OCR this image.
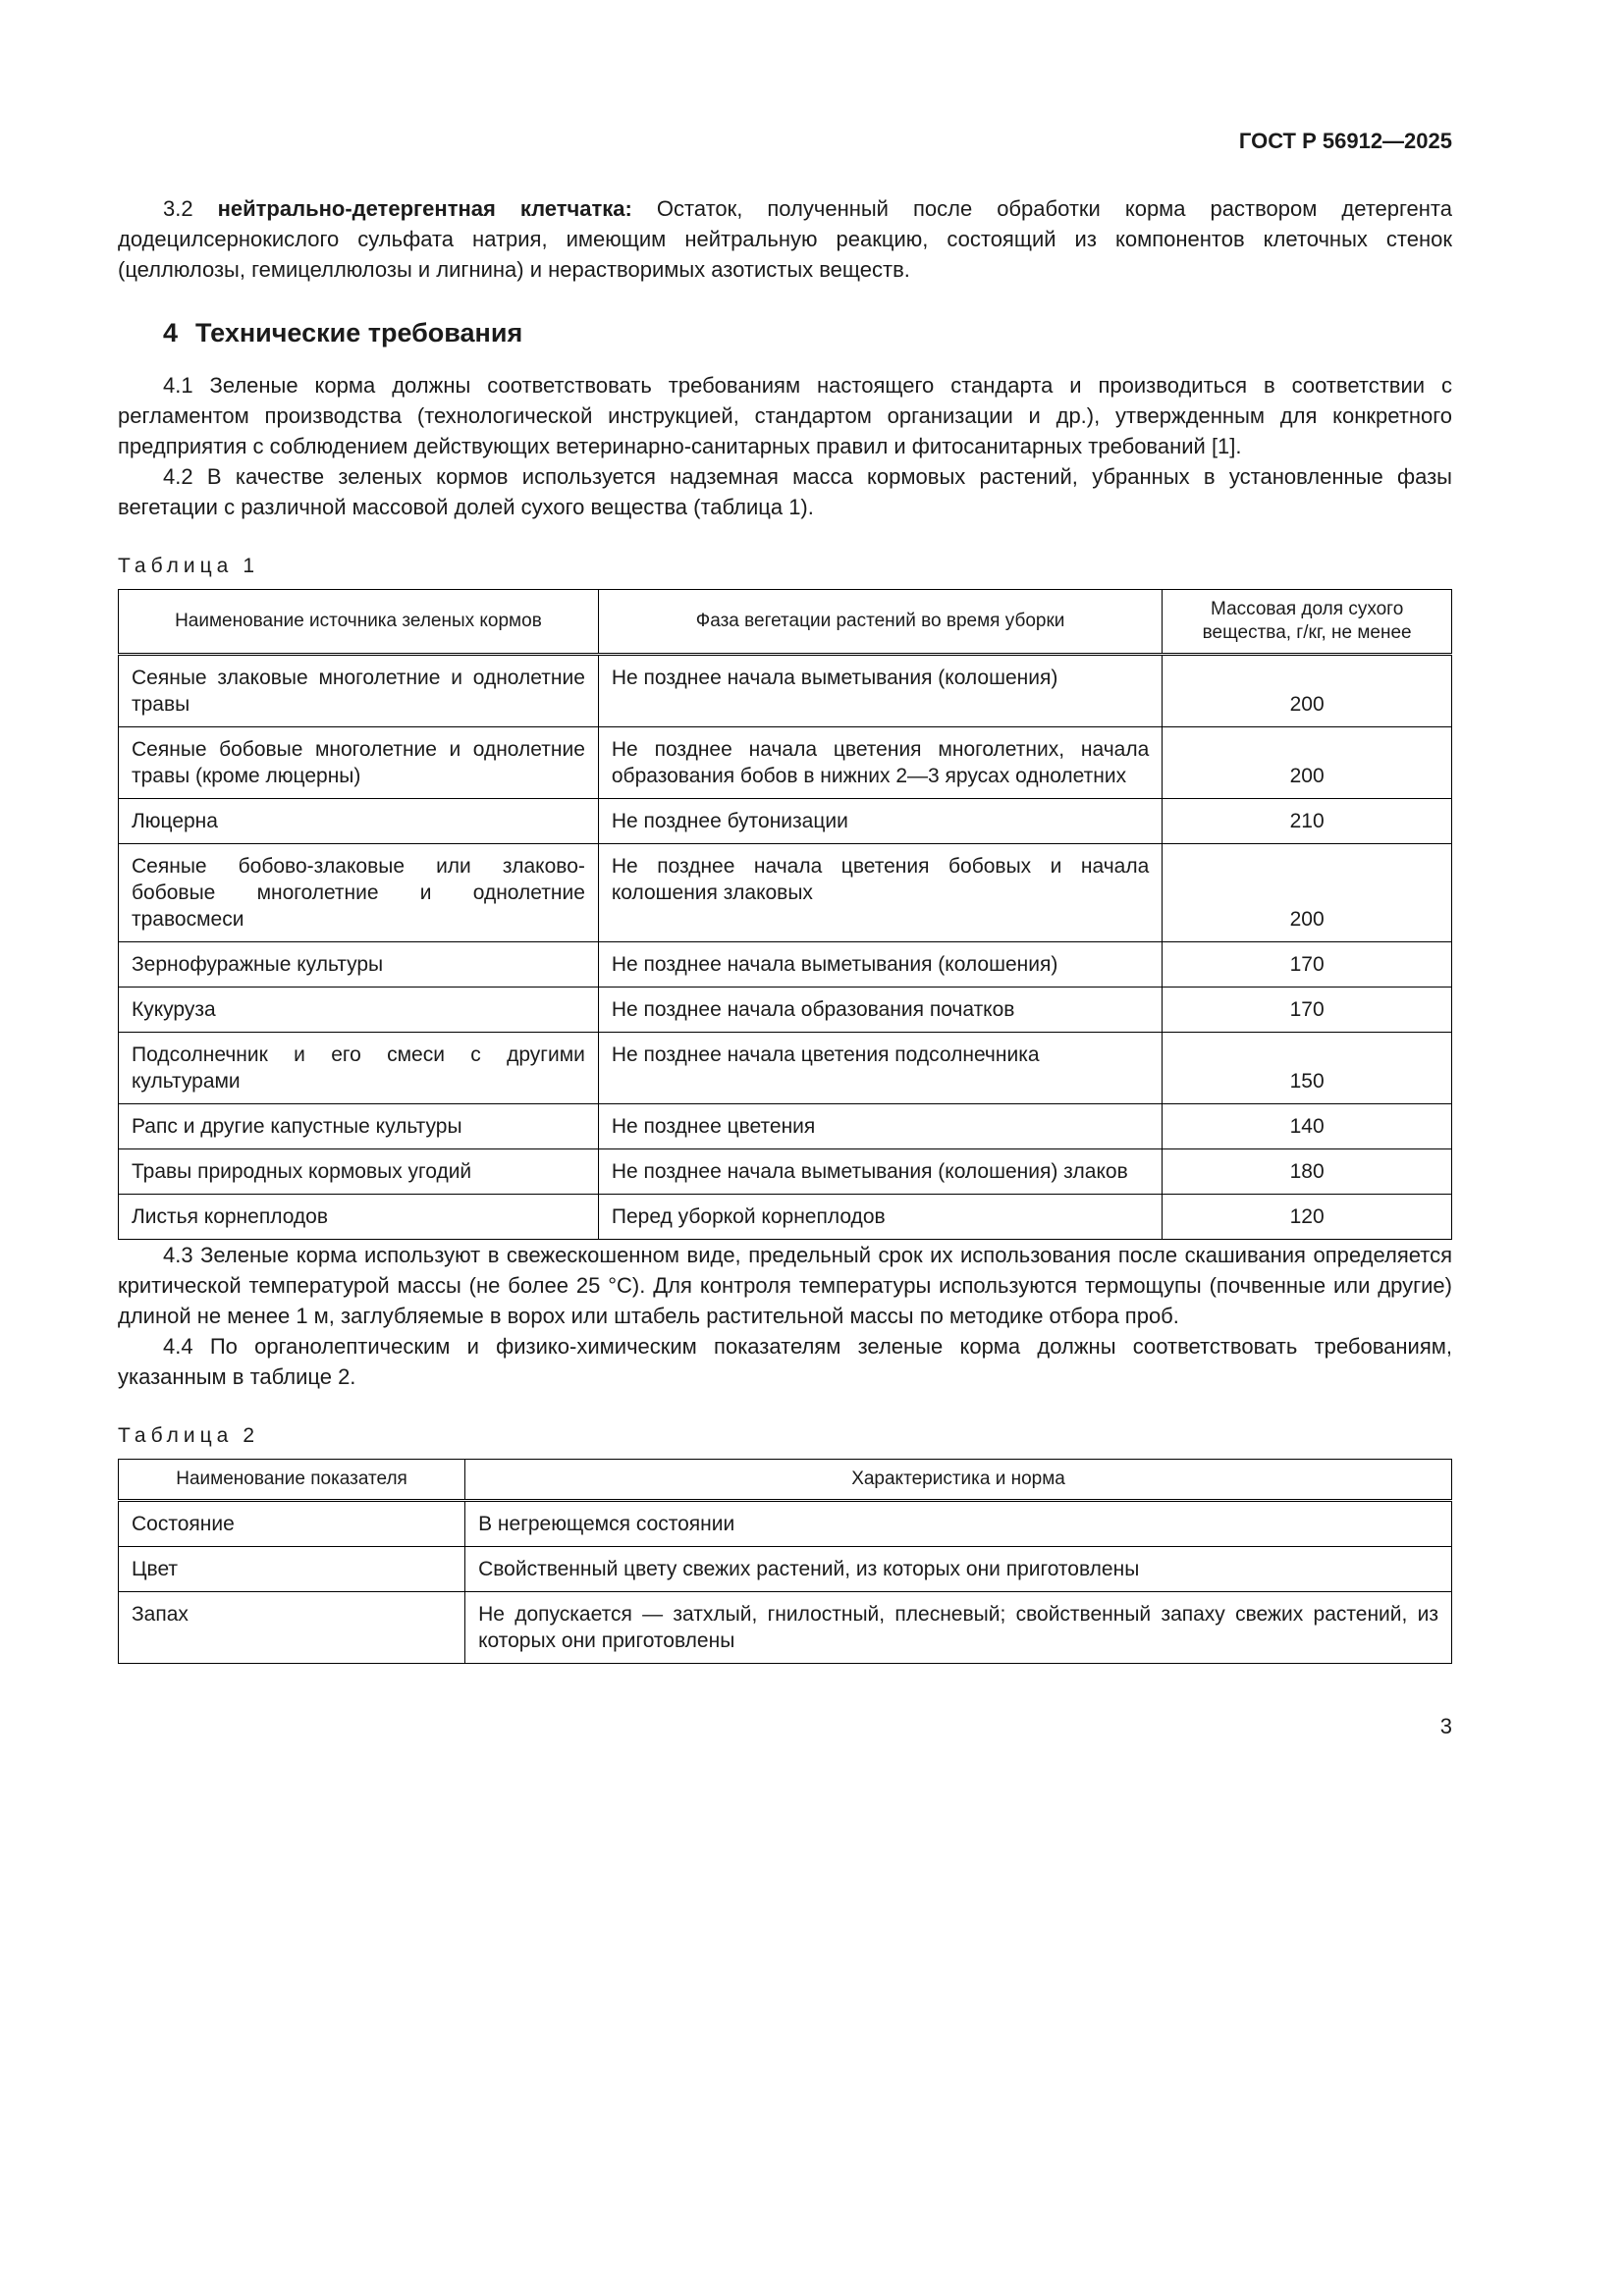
ГОСТ Р 56912—2025

3.2 нейтрально-детергентная клетчатка: Остаток, полученный после обработки корма раствором детергента додецилсернокислого сульфата натрия, имеющим нейтральную реакцию, состоящий из компонентов клеточных стенок (целлюлозы, гемицеллюлозы и лигнина) и нерастворимых азотистых веществ.

4 Технические требования

4.1 Зеленые корма должны соответствовать требованиям настоящего стандарта и производиться в соответствии с регламентом производства (технологической инструкцией, стандартом организации и др.), утвержденным для конкретного предприятия с соблюдением действующих ветеринарно-санитарных правил и фитосанитарных требований [1].

4.2 В качестве зеленых кормов используется надземная масса кормовых растений, убранных в установленные фазы вегетации с различной массовой долей сухого вещества (таблица 1).

Таблица 1
Наименование источника зеленых кормов	Фаза вегетации растений во время уборки	Массовая доля сухого вещества, г/кг, не менее
Сеяные злаковые многолетние и однолетние травы	Не позднее начала выметывания (колошения)	200
Сеяные бобовые многолетние и однолетние травы (кроме люцерны)	Не позднее начала цветения многолетних, начала образования бобов в нижних 2—3 ярусах однолетних	200
Люцерна	Не позднее бутонизации	210
Сеяные бобово-злаковые или злаково-бобовые многолетние и однолетние травосмеси	Не позднее начала цветения бобовых и начала колошения злаковых	200
Зернофуражные культуры	Не позднее начала выметывания (колошения)	170
Кукуруза	Не позднее начала образования початков	170
Подсолнечник и его смеси с другими культурами	Не позднее начала цветения подсолнечника	150
Рапс и другие капустные культуры	Не позднее цветения	140
Травы природных кормовых угодий	Не позднее начала выметывания (колошения) злаков	180
Листья корнеплодов	Перед уборкой корнеплодов	120

4.3 Зеленые корма используют в свежескошенном виде, предельный срок их использования после скашивания определяется критической температурой массы (не более 25 °С). Для контроля температуры используются термощупы (почвенные или другие) длиной не менее 1 м, заглубляемые в ворох или штабель растительной массы по методике отбора проб.

4.4 По органолептическим и физико-химическим показателям зеленые корма должны соответствовать требованиям, указанным в таблице 2.

Таблица 2
Наименование показателя	Характеристика и норма
Состояние	В негреющемся состоянии
Цвет	Свойственный цвету свежих растений, из которых они приготовлены
Запах	Не допускается — затхлый, гнилостный, плесневый; свойственный запаху свежих растений, из которых они приготовлены
3
